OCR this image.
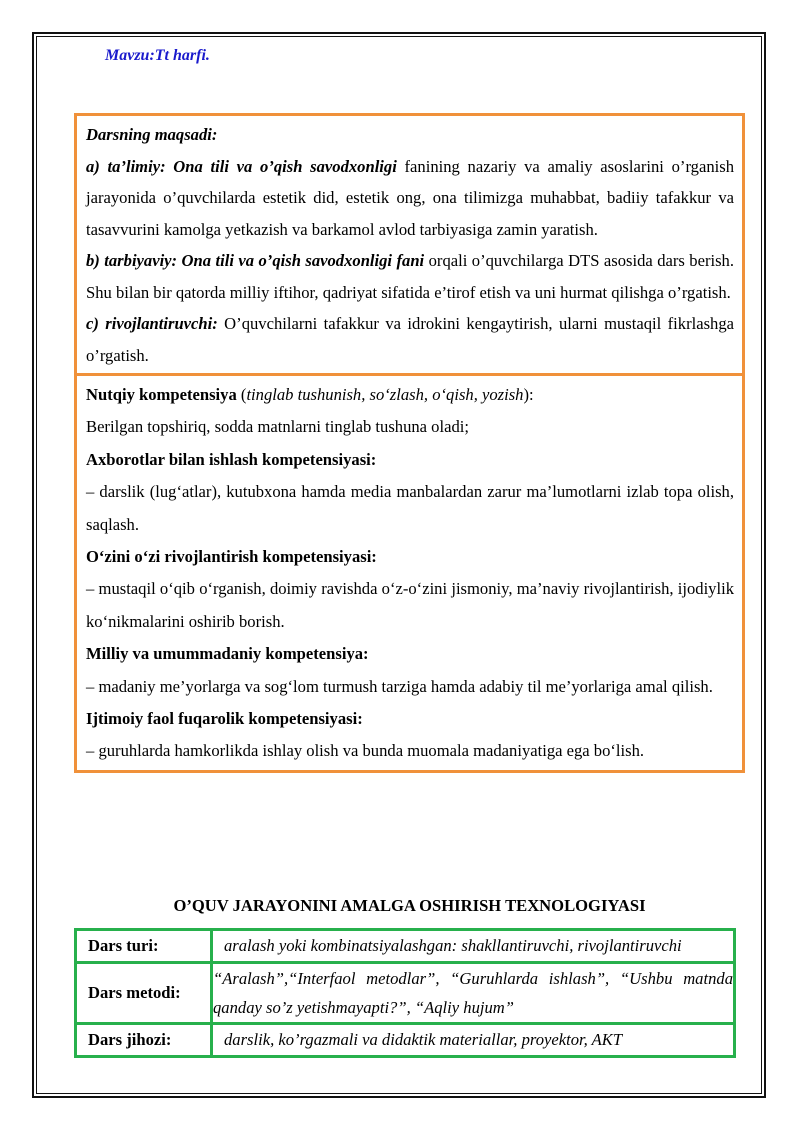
Mavzu:Tt harfi.

Darsning maqsadi:

a) ta’limiy: Ona tili va o’qish savodxonligi fanining nazariy va amaliy asoslarini o’rganish jarayonida o’quvchilarda estetik did, estetik ong, ona tilimizga muhabbat, badiiy tafakkur va tasavvurini kamolga yetkazish va barkamol avlod tarbiyasiga zamin yaratish.

b) tarbiyaviy: Ona tili va o’qish savodxonligi fani orqali o’quvchilarga DTS asosida dars berish. Shu bilan bir qatorda milliy iftihor, qadriyat sifatida e’tirof etish va uni hurmat qilishga o’rgatish.

c) rivojlantiruvchi: O’quvchilarni tafakkur va idrokini kengaytirish, ularni mustaqil fikrlashga o’rgatish.

Nutqiy kompetensiya (tinglab tushunish, so‘zlash, o‘qish, yozish):

Berilgan topshiriq, sodda matnlarni tinglab tushuna oladi;

Axborotlar bilan ishlash kompetensiyasi:

– darslik (lug‘atlar), kutubxona hamda media manbalardan zarur ma’lumotlarni izlab topa olish, saqlash.

O‘zini o‘zi rivojlantirish kompetensiyasi:

– mustaqil o‘qib o‘rganish, doimiy ravishda o‘z-o‘zini jismoniy, ma’naviy rivojlantirish, ijodiylik ko‘nikmalarini oshirib borish.

Milliy va umummadaniy kompetensiya:

– madaniy me’yorlarga va sog‘lom turmush tarziga hamda adabiy til me’yorlariga amal qilish.

Ijtimoiy faol fuqarolik kompetensiyasi:

– guruhlarda hamkorlikda ishlay olish va bunda muomala madaniyatiga ega bo‘lish.

O’QUV JARAYONINI AMALGA OSHIRISH TEXNOLOGIYASI
Dars turi:	aralash yoki kombinatsiyalashgan: shakllantiruvchi, rivojlantiruvchi
Dars metodi:	“Aralash”,“Interfaol metodlar”, “Guruhlarda ishlash”, “Ushbu matnda qanday so’z yetishmayapti?”, “Aqliy hujum”
Dars jihozi:	darslik, ko’rgazmali va didaktik materiallar, proyektor, AKT
